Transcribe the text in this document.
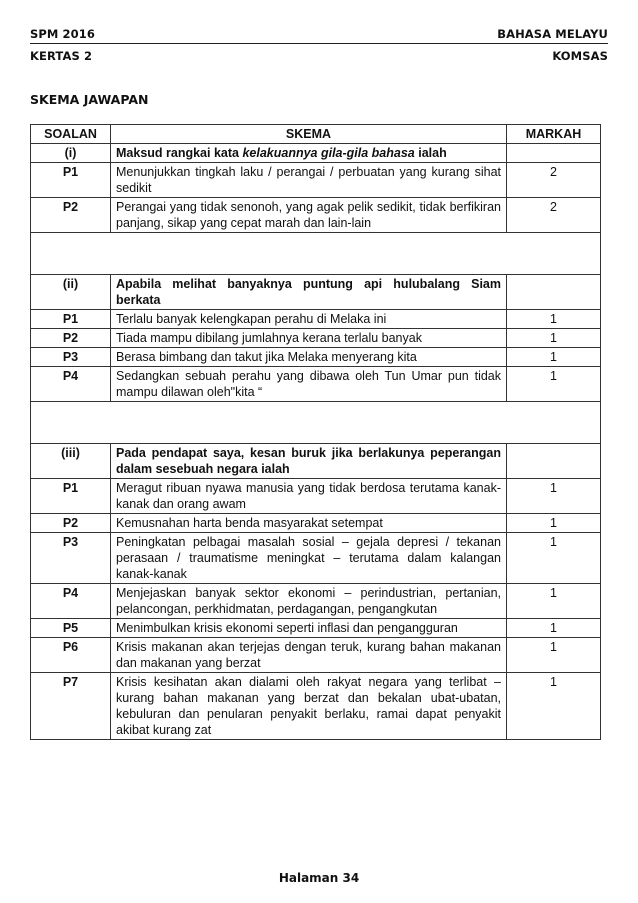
SPM 2016	BAHASA MELAYU
KERTAS 2	KOMSAS
SKEMA JAWAPAN
SOALAN	SKEMA	MARKAH
(i)	Maksud rangkai kata kelakuannya gila-gila bahasa ialah	
P1	Menunjukkan tingkah laku / perangai / perbuatan yang kurang sihat sedikit	2
P2	Perangai yang tidak senonoh, yang agak pelik sedikit, tidak berfikiran panjang, sikap yang cepat marah dan lain-lain	2

(ii)	Apabila melihat banyaknya puntung api hulubalang Siam berkata	
P1	Terlalu banyak kelengkapan perahu di Melaka ini	1
P2	Tiada mampu dibilang jumlahnya kerana terlalu banyak	1
P3	Berasa bimbang dan takut jika Melaka menyerang kita	1
P4	Sedangkan sebuah perahu yang dibawa oleh Tun Umar pun tidak mampu dilawan oleh"kita “	1

(iii)	Pada pendapat saya, kesan buruk jika berlakunya peperangan dalam sesebuah negara ialah	
P1	Meragut ribuan nyawa manusia yang tidak berdosa terutama kanak-kanak dan orang awam	1
P2	Kemusnahan harta benda masyarakat setempat	1
P3	Peningkatan pelbagai masalah sosial – gejala depresi / tekanan perasaan / traumatisme meningkat – terutama dalam kalangan kanak-kanak	1
P4	Menjejaskan banyak sektor ekonomi – perindustrian, pertanian, pelancongan, perkhidmatan, perdagangan, pengangkutan	1
P5	Menimbulkan krisis ekonomi seperti inflasi dan pengangguran	1
P6	Krisis makanan akan terjejas dengan teruk, kurang bahan makanan dan makanan yang berzat	1
P7	Krisis kesihatan akan dialami oleh rakyat negara yang terlibat – kurang bahan makanan yang berzat dan bekalan ubat-ubatan, kebuluran dan penularan penyakit berlaku, ramai dapat penyakit akibat kurang zat	1
Halaman 34
